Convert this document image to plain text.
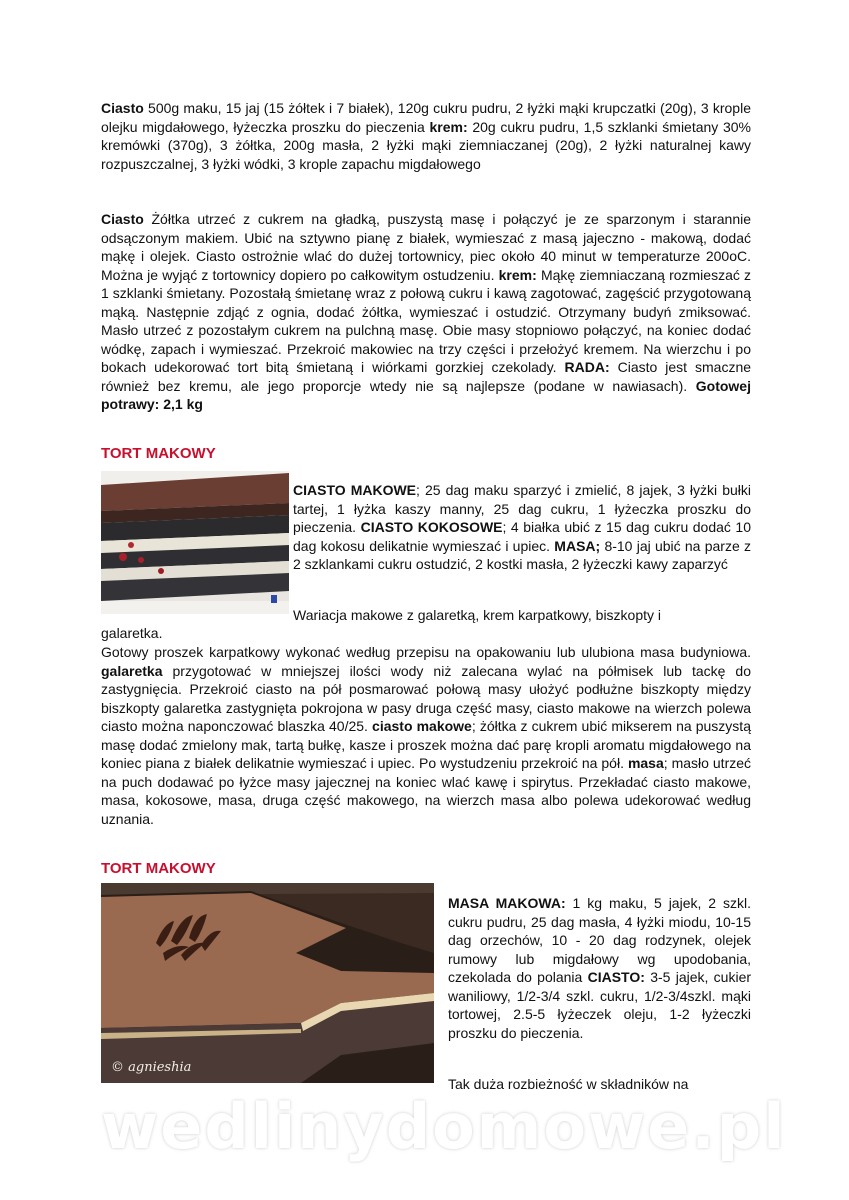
Ciasto 500g maku, 15 jaj (15 żółtek i 7 białek), 120g cukru pudru, 2 łyżki mąki krupczatki (20g), 3 krople olejku migdałowego, łyżeczka proszku do pieczenia krem: 20g cukru pudru, 1,5 szklanki śmietany 30% kremówki (370g), 3 żółtka, 200g masła, 2 łyżki mąki ziemniaczanej (20g), 2 łyżki naturalnej kawy rozpuszczalnej, 3 łyżki wódki, 3 krople zapachu migdałowego

Ciasto Żółtka utrzeć z cukrem na gładką, puszystą masę i połączyć je ze sparzonym i starannie odsączonym makiem. Ubić na sztywno pianę z białek, wymieszać z masą jajeczno - makową, dodać mąkę i olejek. Ciasto ostrożnie wlać do dużej tortownicy, piec około 40 minut w temperaturze 200oC. Można je wyjąć z tortownicy dopiero po całkowitym ostudzeniu. krem: Mąkę ziemniaczaną rozmieszać z 1 szklanki śmietany. Pozostałą śmietanę wraz z połową cukru i kawą zagotować, zagęścić przygotowaną mąką. Następnie zdjąć z ognia, dodać żółtka, wymieszać i ostudzić. Otrzymany budyń zmiksować. Masło utrzeć z pozostałym cukrem na pulchną masę. Obie masy stopniowo połączyć, na koniec dodać wódkę, zapach i wymieszać. Przekroić makowiec na trzy części i przełożyć kremem. Na wierzchu i po bokach udekorować tort bitą śmietaną i wiórkami gorzkiej czekolady. RADA: Ciasto jest smaczne również bez kremu, ale jego proporcje wtedy nie są najlepsze (podane w nawiasach). Gotowej potrawy: 2,1 kg

TORT MAKOWY

CIASTO MAKOWE; 25 dag maku sparzyć i zmielić, 8 jajek, 3 łyżki bułki tartej, 1 łyżka kaszy manny, 25 dag cukru, 1 łyżeczka proszku do pieczenia. CIASTO KOKOSOWE; 4 białka ubić z 15 dag cukru dodać 10 dag kokosu delikatnie wymieszać i upiec. MASA; 8-10 jaj ubić na parze z 2 szklankami cukru ostudzić, 2 kostki masła, 2 łyżeczki kawy zaparzyć

Wariacja makowe z galaretką, krem karpatkowy, biszkopty i

galaretka.

Gotowy proszek karpatkowy wykonać według przepisu na opakowaniu lub ulubiona masa budyniowa. galaretka przygotować w mniejszej ilości wody niż zalecana wylać na półmisek lub tackę do zastygnięcia. Przekroić ciasto na pół posmarować połową masy ułożyć podłużne biszkopty między biszkopty galaretka zastygnięta pokrojona w pasy druga część masy, ciasto makowe na wierzch polewa ciasto można naponczować blaszka 40/25. ciasto makowe; żółtka z cukrem ubić mikserem na puszystą masę dodać zmielony mak, tartą bułkę, kasze i proszek można dać parę kropli aromatu migdałowego na koniec piana z białek delikatnie wymieszać i upiec. Po wystudzeniu przekroić na pół. masa; masło utrzeć na puch dodawać po łyżce masy jajecznej na koniec wlać kawę i spirytus. Przekładać ciasto makowe, masa, kokosowe, masa, druga część makowego, na wierzch masa albo polewa udekorować według uznania.

TORT MAKOWY
© agnieshia

MASA MAKOWA: 1 kg maku, 5 jajek, 2 szkl. cukru pudru, 25 dag masła, 4 łyżki miodu, 10-15 dag orzechów, 10 - 20 dag rodzynek, olejek rumowy lub migdałowy wg upodobania, czekolada do polania CIASTO: 3-5 jajek, cukier waniliowy, 1/2-3/4 szkl. cukru, 1/2-3/4szkl. mąki tortowej, 2.5-5 łyżeczek oleju, 1-2 łyżeczki proszku do pieczenia.

Tak duża rozbieżność w składników na

wedlinydomowe.pl
